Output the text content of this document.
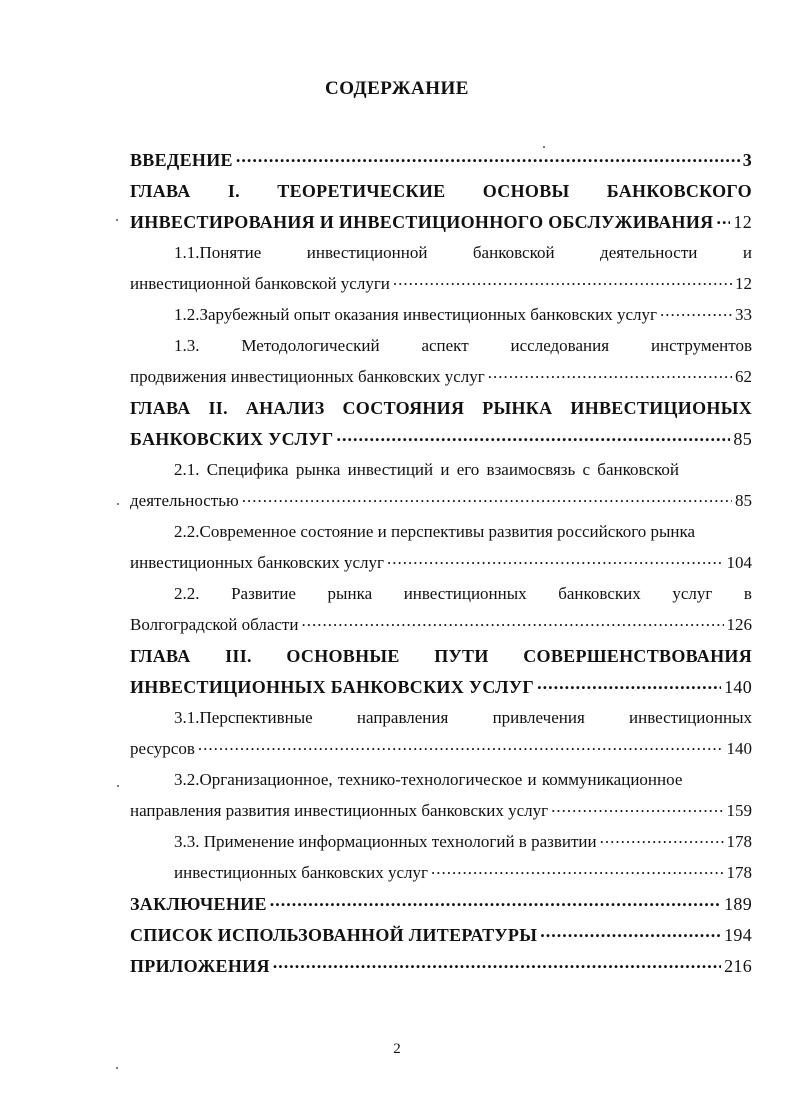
СОДЕРЖАНИЕ
ВВЕДЕНИЕ .....	3
ГЛАВА I. ТЕОРЕТИЧЕСКИЕ ОСНОВЫ БАНКОВСКОГО
ИНВЕСТИРОВАНИЯ И ИНВЕСТИЦИОННОГО ОБСЛУЖИВАНИЯ ..... 12
1.1.Понятие	инвестиционной	банковской	деятельности	и
инвестиционной банковской услуги .....	12
1.2.Зарубежный опыт оказания инвестиционных банковских услуг .....	33
1.3. Методологический аспект исследования инструментов
продвижения инвестиционных банковских услуг .....	62
ГЛАВА II. АНАЛИЗ СОСТОЯНИЯ РЫНКА ИНВЕСТИЦИОНЫХ
БАНКОВСКИХ УСЛУГ .....	85
2.1. Специфика рынка инвестиций и его взаимосвязь с банковской
деятельностью .....	85
2.2.Современное состояние и перспективы развития российского рынка
инвестиционных банковских услуг .....	104
2.2. Развитие рынка инвестиционных банковских услуг в
Волгоградской области .....	126
ГЛАВА III. ОСНОВНЫЕ ПУТИ СОВЕРШЕНСТВОВАНИЯ
ИНВЕСТИЦИОННЫХ БАНКОВСКИХ УСЛУГ .....	140
3.1.Перспективные	направления	привлечения	инвестиционных
ресурсов .....	140
3.2.Организационное, технико-технологическое и коммуникационное
направления развития инвестиционных банковских услуг .....	159
3.3. Применение информационных технологий в развитии .....	178
инвестиционных банковских услуг .....	178
ЗАКЛЮЧЕНИЕ .....	189
СПИСОК ИСПОЛЬЗОВАННОЙ ЛИТЕРАТУРЫ .....	194
ПРИЛОЖЕНИЯ .....	216
2
